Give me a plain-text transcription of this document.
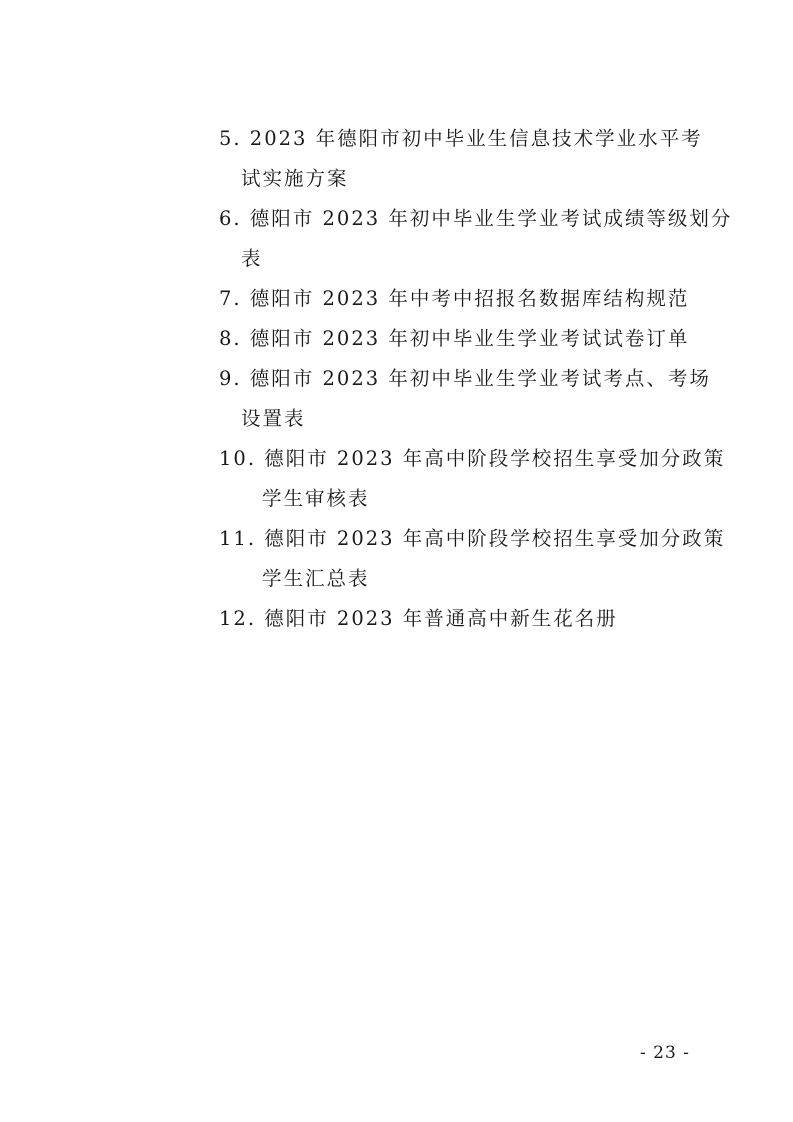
5. 2023 年德阳市初中毕业生信息技术学业水平考
试实施方案
6. 德阳市 2023 年初中毕业生学业考试成绩等级划分
表
7. 德阳市 2023 年中考中招报名数据库结构规范
8. 德阳市 2023 年初中毕业生学业考试试卷订单
9. 德阳市 2023 年初中毕业生学业考试考点、考场
设置表
10. 德阳市 2023 年高中阶段学校招生享受加分政策
学生审核表
11. 德阳市 2023 年高中阶段学校招生享受加分政策
学生汇总表
12. 德阳市 2023 年普通高中新生花名册
- 23 -
